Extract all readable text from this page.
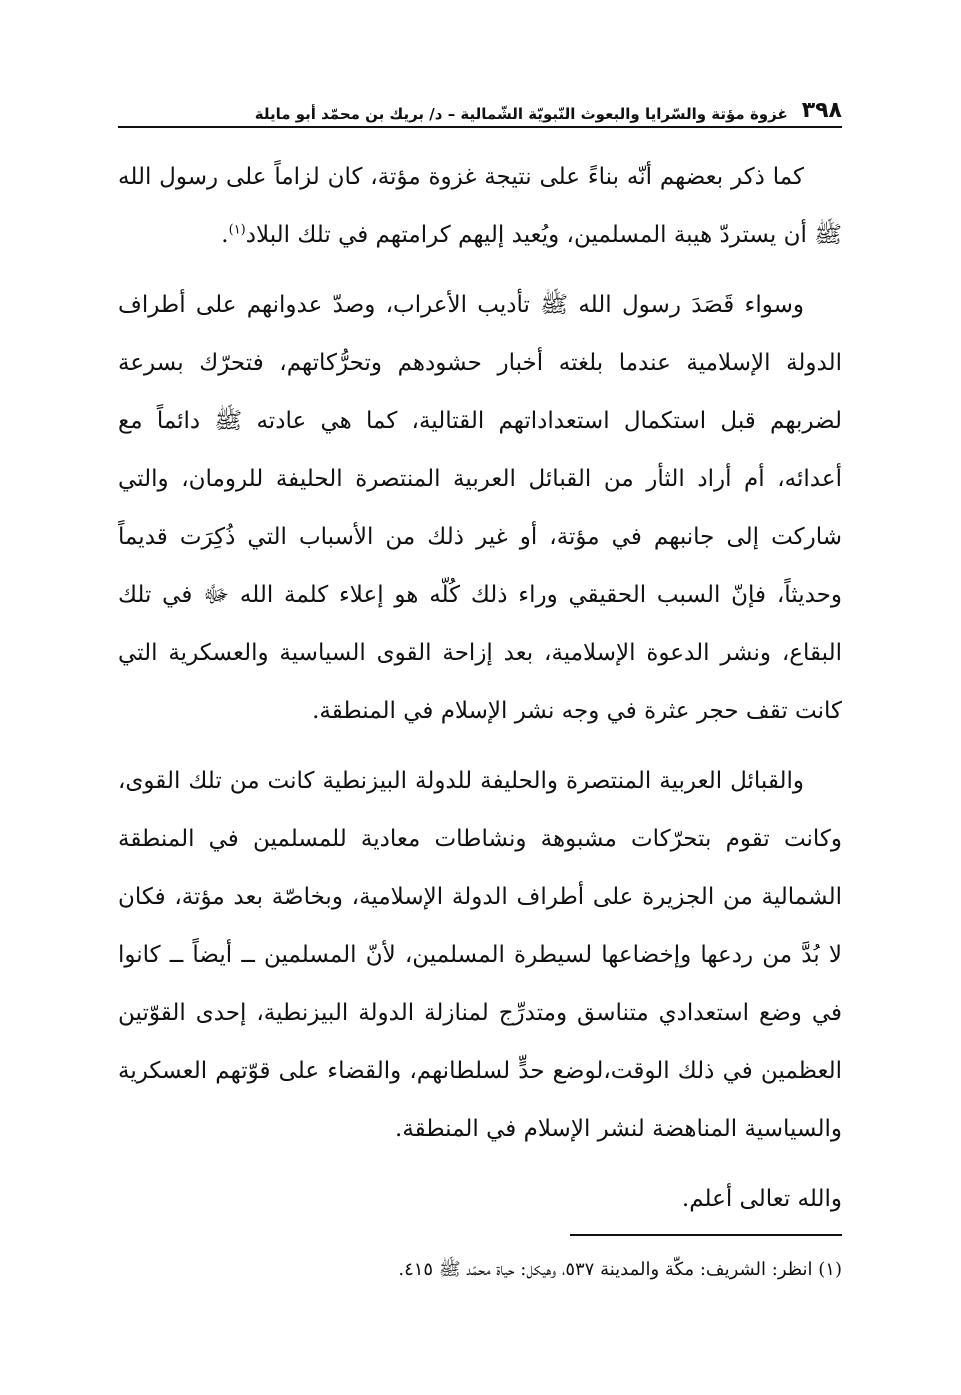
٣٩٨
غزوة مؤتة والسّرايا والبعوث النّبويّة الشّمالية – د/ بريك بن محمّد أبو مايلة

كما ذكر بعضهم أنّه بناءً على نتيجة غزوة مؤتة، كان لزاماً على رسول الله ﷺ أن يستردّ هيبة المسلمين، ويُعيد إليهم كرامتهم في تلك البلاد$^{(١)}$.

وسواء قَصَدَ رسول الله ﷺ تأديب الأعراب، وصدّ عدوانهم على أطراف الدولة الإسلامية عندما بلغته أخبار حشودهم وتحرُّكاتهم، فتحرّك بسرعة لضربهم قبل استكمال استعداداتهم القتالية، كما هي عادته ﷺ دائماً مع أعدائه، أم أراد الثأر من القبائل العربية المنتصرة الحليفة للرومان، والتي شاركت إلى جانبهم في مؤتة، أو غير ذلك من الأسباب التي ذُكِرَت قديماً وحديثاً، فإنّ السبب الحقيقي وراء ذلك كُلّه هو إعلاء كلمة الله ﷻ في تلك البقاع، ونشر الدعوة الإسلامية، بعد إزاحة القوى السياسية والعسكرية التي كانت تقف حجر عثرة في وجه نشر الإسلام في المنطقة.

والقبائل العربية المنتصرة والحليفة للدولة البيزنطية كانت من تلك القوى، وكانت تقوم بتحرّكات مشبوهة ونشاطات معادية للمسلمين في المنطقة الشمالية من الجزيرة على أطراف الدولة الإسلامية، وبخاصّة بعد مؤتة، فكان لا بُدَّ من ردعها وإخضاعها لسيطرة المسلمين، لأنّ المسلمين ــ أيضاً ــ كانوا في وضع استعدادي متناسق ومتدرِّج لمنازلة الدولة البيزنطية، إحدى القوّتين العظمين في ذلك الوقت،لوضع حدٍّ لسلطانهم، والقضاء على قوّتهم العسكرية والسياسية المناهضة لنشر الإسلام في المنطقة.

والله تعالى أعلم.

(١) انظر: الشريف: مكّة والمدينة ٥٣٧، وهيكل: حياة محمّد ﷺ ٤١٥.
